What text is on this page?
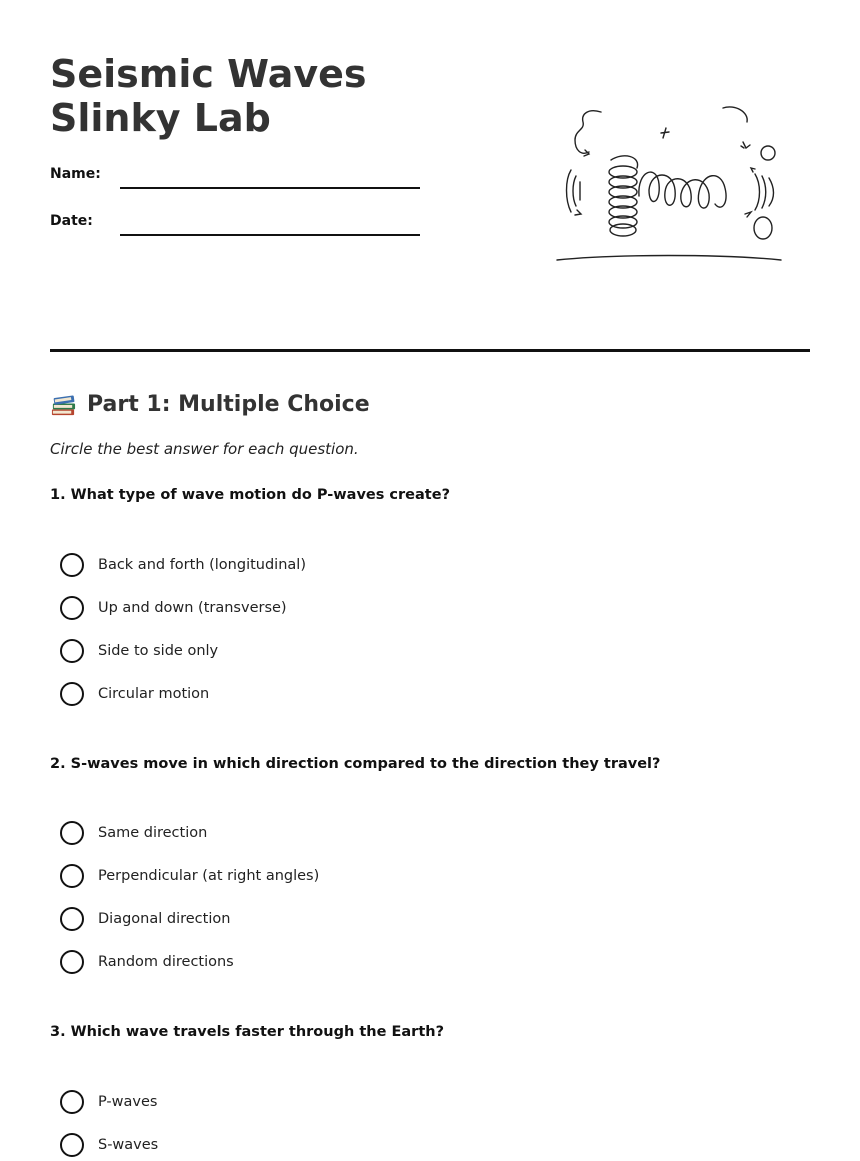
Seismic Waves Slinky Lab
Name:
Date:
Part 1: Multiple Choice
Circle the best answer for each question.
1. What type of wave motion do P-waves create?
Back and forth (longitudinal)
Up and down (transverse)
Side to side only
Circular motion
2. S-waves move in which direction compared to the direction they travel?
Same direction
Perpendicular (at right angles)
Diagonal direction
Random directions
3. Which wave travels faster through the Earth?
P-waves
S-waves
